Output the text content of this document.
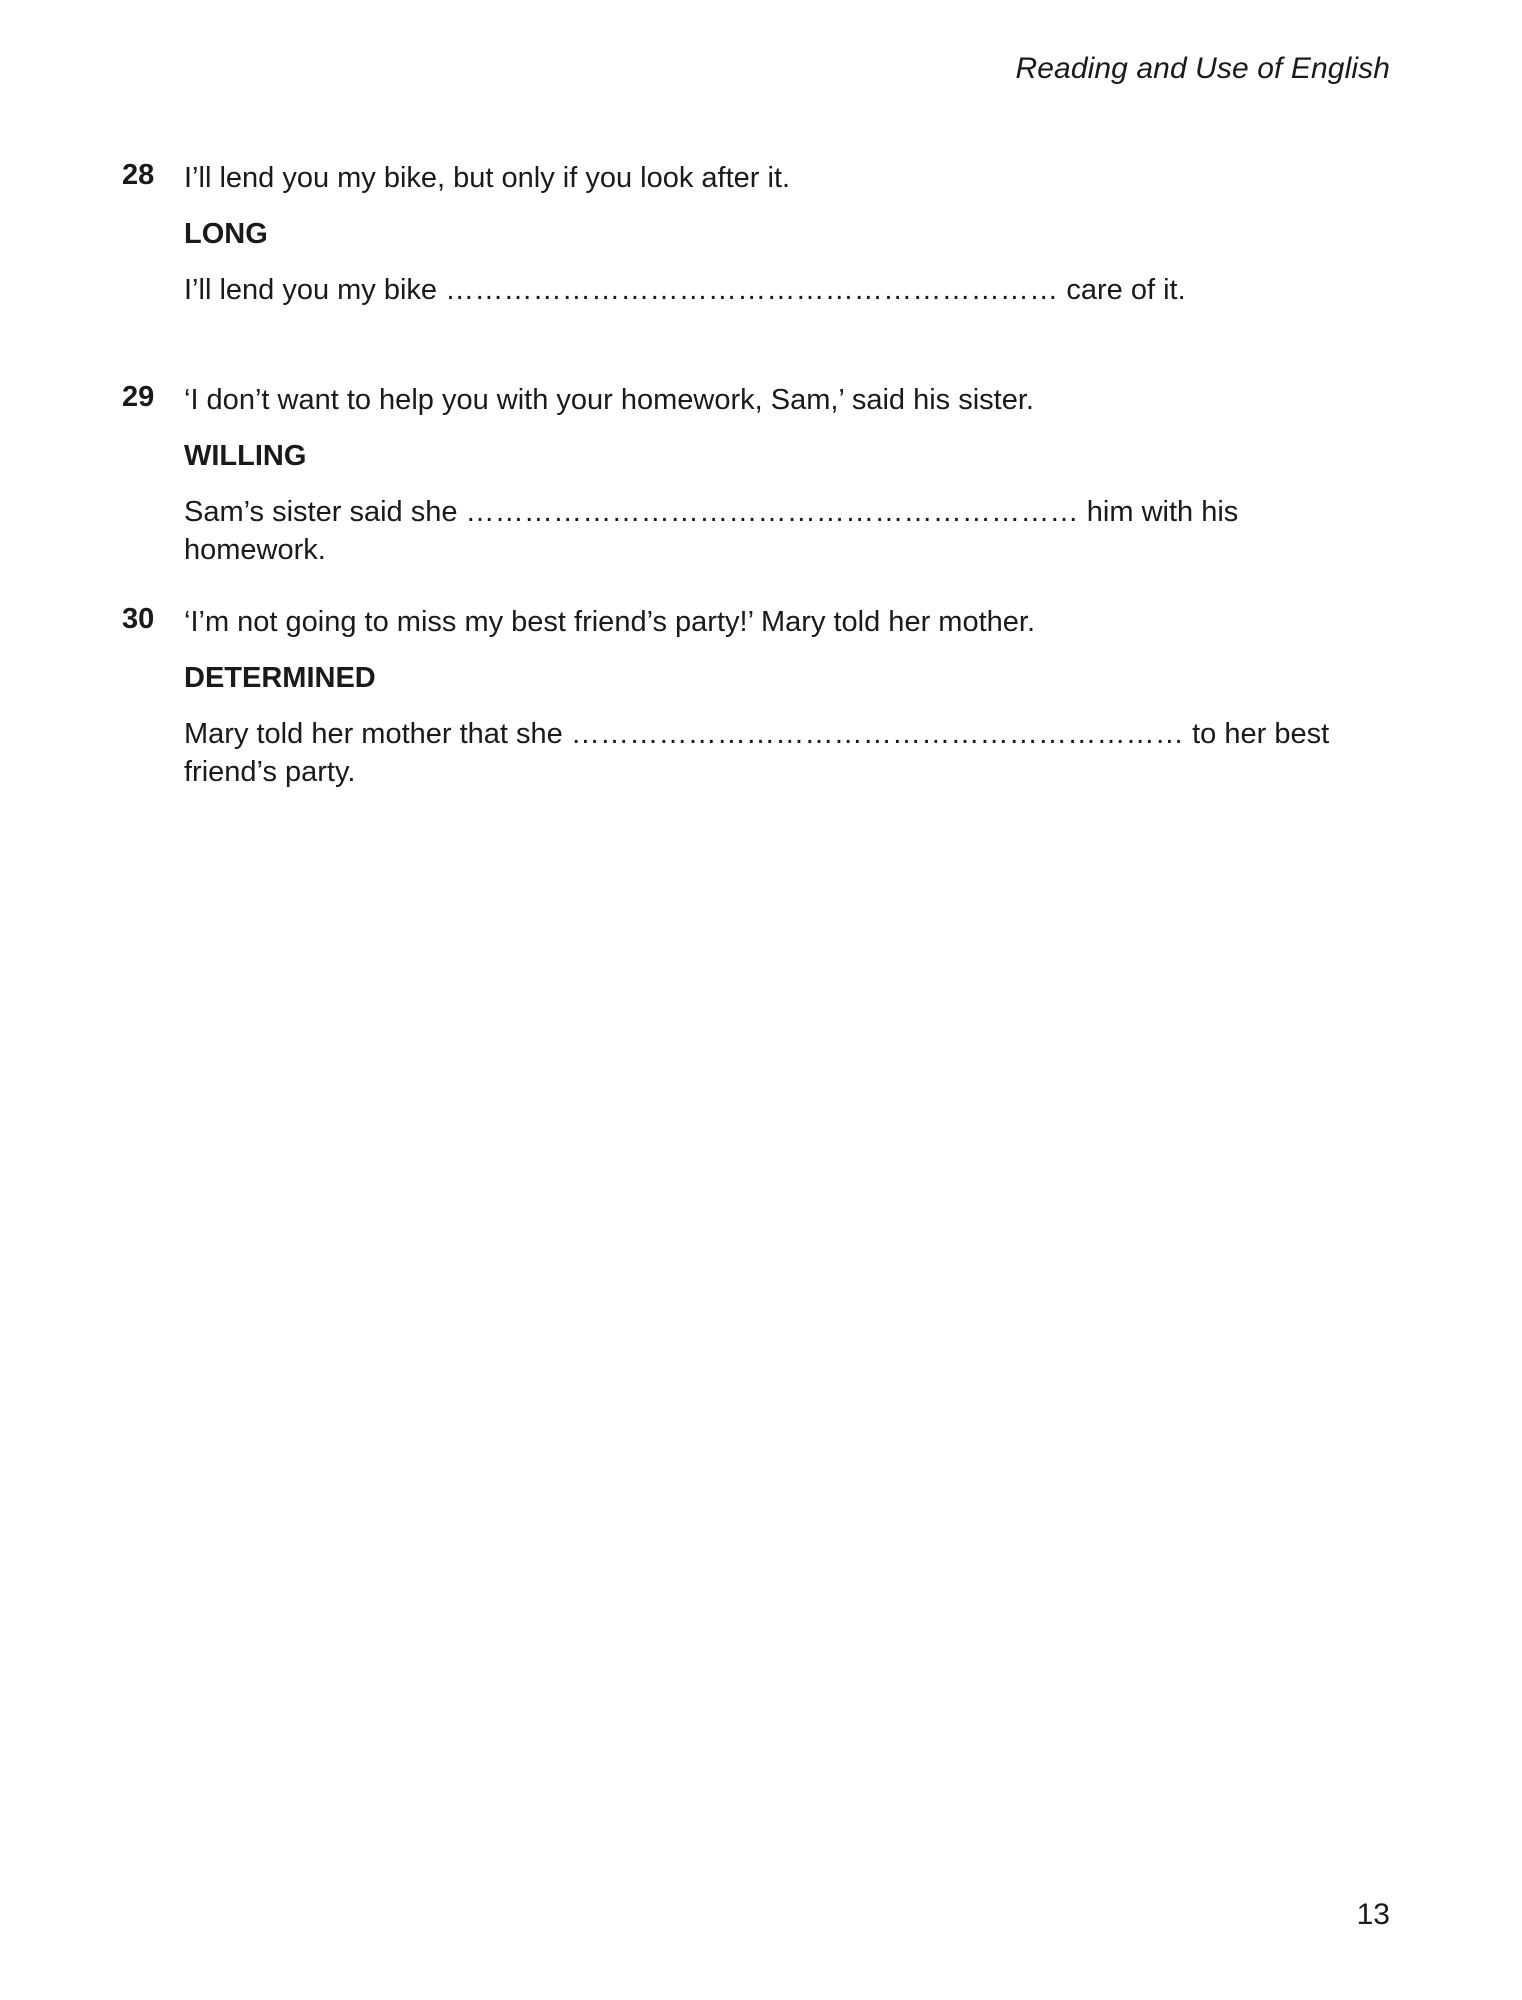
Reading and Use of English
28 I’ll lend you my bike, but only if you look after it.

LONG

I’ll lend you my bike ……………………………………………………… care of it.

29 ‘I don’t want to help you with your homework, Sam,’ said his sister.

WILLING

Sam’s sister said she ……………………………………………………… him with his homework.

30 ‘I’m not going to miss my best friend’s party!’ Mary told her mother.

DETERMINED

Mary told her mother that she ……………………………………………………… to her best friend’s party.

13
